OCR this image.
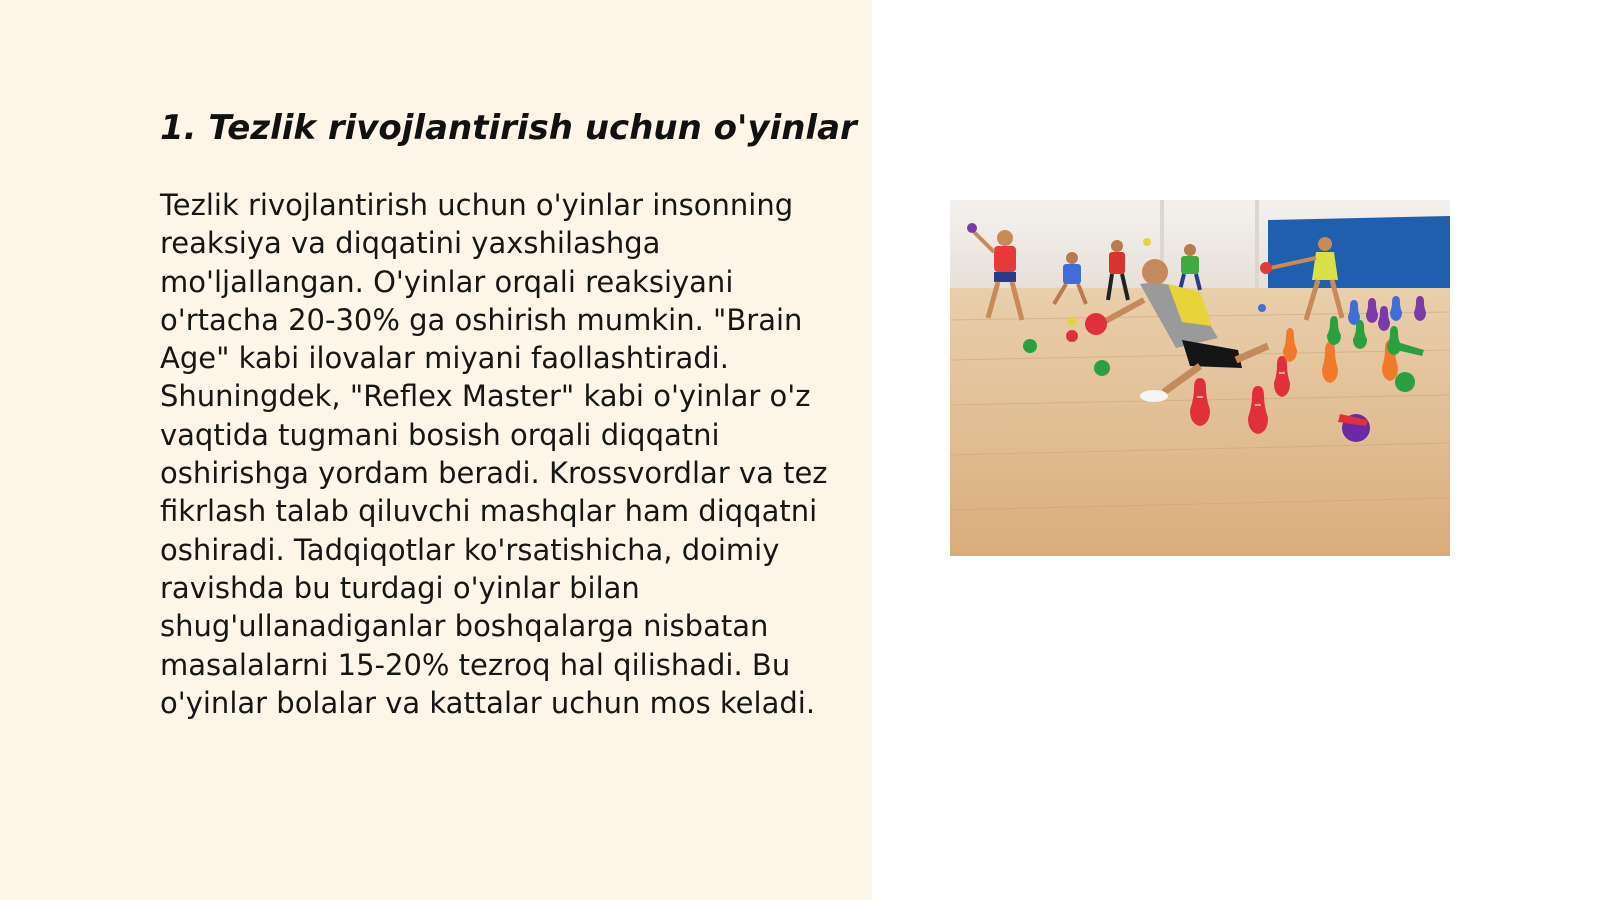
1. Tezlik rivojlantirish uchun o'yinlar

Tezlik rivojlantirish uchun o'yinlar insonning reaksiya va diqqatini yaxshilashga mo'ljallangan. O'yinlar orqali reaksiyani o'rtacha 20-30% ga oshirish mumkin. "Brain Age" kabi ilovalar miyani faollashtiradi. Shuningdek, "Reflex Master" kabi o'yinlar o'z vaqtida tugmani bosish orqali diqqatni oshirishga yordam beradi. Krossvordlar va tez fikrlash talab qiluvchi mashqlar ham diqqatni oshiradi. Tadqiqotlar ko'rsatishicha, doimiy ravishda bu turdagi o'yinlar bilan shug'ullanadiganlar boshqalarga nisbatan masalalarni 15-20% tezroq hal qilishadi. Bu o'yinlar bolalar va kattalar uchun mos keladi.
